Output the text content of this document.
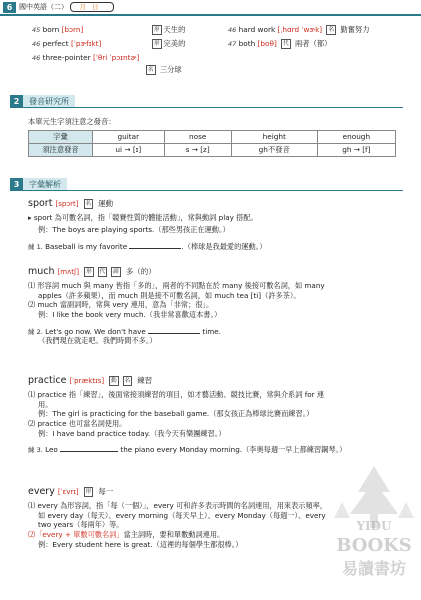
6 國中英語（二）	月日
45 born [bɔrn]	形 天生的	46 hard work [ˌhɑrd ˈwɝk] 名 勤奮努力
46 perfect [ˈpɝfɪkt]	形 完美的	47 both [boθ] 代 兩者（都）
46 three-pointer [ˈθri ˈpɔɪntɚ]
名 三分球
2	發音研究所
本單元生字須注意之發音：
字彙	guitar	nose	height	enough
須注意發音	ui → [ɪ]	s → [z]	gh不發音	gh → [f]
3	字彙解析
sport [spɔrt] 名 運動
▸ sport 為可數名詞，指「競賽性質的體能活動」，常與動詞 play 搭配。
例：The boys are playing sports.（那些男孩正在運動。）
練 1. Baseball is my favorite	.（棒球是我最愛的運動。）
much [mʌtʃ] 形 代 副 多（的）
⑴ 形容詞 much 與 many 皆指「多的」，兩者的不同點在於 many 後接可數名詞，如 many
apples（許多蘋果），而 much 則是接不可數名詞，如 much tea [ti]（許多茶）。
⑵ much 當副詞時，常與 very 連用，意為「非常；很」。
例：I like the book very much.（我非常喜歡這本書。）
練 2. Let's go now. We don't have	time.
（我們現在就走吧。我們時間不多。）
practice [ˈpræktɪs] 動 名 練習
⑴ practice 指「練習」，後面常接須練習的項目，如才藝活動、競技比賽，常與介系詞 for 連
用。
例：The girl is practicing for the baseball game.（那女孩正為棒球比賽而練習。）
⑵ practice 也可當名詞使用。
例：I have band practice today.（我今天有樂團練習。）
練 3. Leo	the piano every Monday morning.（李奧每週一早上都練習鋼琴。）
every [ˈɛvrɪ] 形 每一
⑴ every 為形容詞，指「每（一個）」，every 可和許多表示時間的名詞連用，用來表示頻率，
如 every day（每天）、every morning（每天早上）、every Monday（每週一）、every
two years（每兩年）等。
⑵「every + 單數可數名詞」當主詞時，要和單數動詞連用。
例：Every student here is great.（這裡的每個學生都很棒。）
YIDU
BOOKS
易讀書坊
